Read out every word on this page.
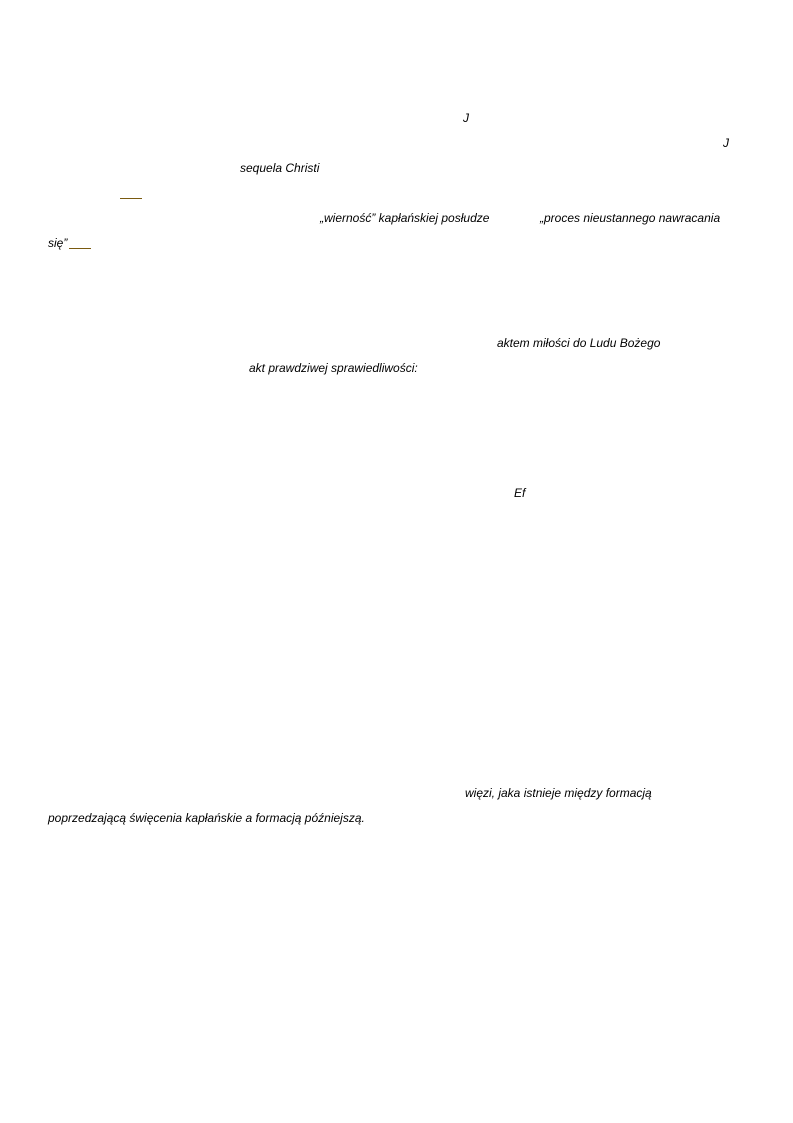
J
J
sequela Christi
„wierność” kapłańskiej posłudze	„proces nieustannego nawracania
się”
aktem miłości do Ludu Bożego
akt prawdziwej sprawiedliwości:
Ef
więzi, jaka istnieje między formacją
poprzedzającą święcenia kapłańskie a formacją późniejszą.
